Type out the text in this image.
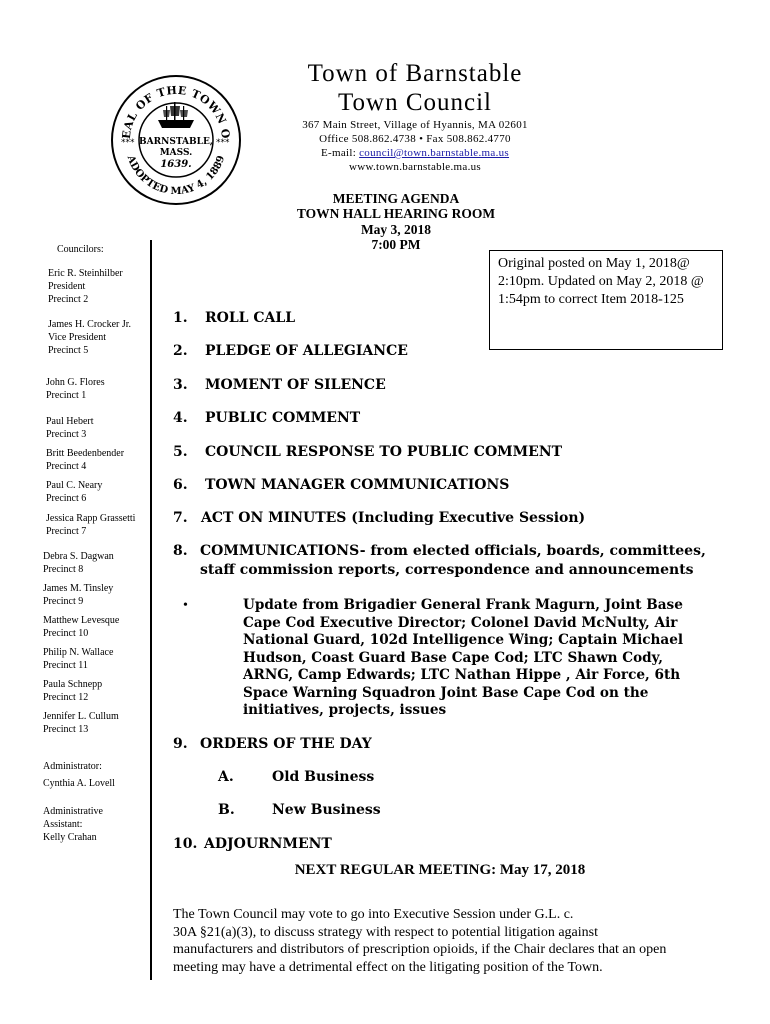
EAL OF THE TOWN O
ADOPTED MAY 4, 1889
***	***
BARNSTABLE,
MASS.
1639.
Town of Barnstable
Town Council
367 Main Street, Village of Hyannis, MA 02601
Office 508.862.4738 • Fax 508.862.4770
E-mail: council@town.barnstable.ma.us
www.town.barnstable.ma.us
MEETING AGENDA
TOWN HALL HEARING ROOM
May 3, 2018
7:00 PM
Original posted on May 1, 2018@ 2:10pm. Updated on May 2, 2018 @ 1:54pm to correct Item 2018-125
Councilors:
Eric R. Steinhilber
President
Precinct 2
James H. Crocker Jr.
Vice President
Precinct 5
John G. Flores
Precinct 1
Paul Hebert
Precinct 3
Britt Beedenbender
Precinct 4
Paul C. Neary
Precinct 6
Jessica Rapp Grassetti
Precinct 7
Debra S. Dagwan
Precinct 8
James M. Tinsley
Precinct 9
Matthew Levesque
Precinct 10
Philip N. Wallace
Precinct 11
Paula Schnepp
Precinct 12
Jennifer L. Cullum
Precinct 13
Administrator:
Cynthia A. Lovell
Administrative
Assistant:
Kelly Crahan
1. ROLL CALL
2. PLEDGE OF ALLEGIANCE
3. MOMENT OF SILENCE
4. PUBLIC COMMENT
5. COUNCIL RESPONSE TO PUBLIC COMMENT
6. TOWN MANAGER COMMUNICATIONS
7. ACT ON MINUTES (Including Executive Session)
8. COMMUNICATIONS- from elected officials, boards, committees,
staff commission reports, correspondence and announcements
•	Update from Brigadier General Frank Magurn, Joint Base
Cape Cod Executive Director; Colonel David McNulty, Air
National Guard, 102d Intelligence Wing; Captain Michael
Hudson, Coast Guard Base Cape Cod; LTC Shawn Cody,
ARNG, Camp Edwards; LTC Nathan Hippe , Air Force, 6th
Space Warning Squadron Joint Base Cape Cod on the
initiatives, projects, issues
9. ORDERS OF THE DAY
A.	Old Business
B.	New Business
10. ADJOURNMENT
NEXT REGULAR MEETING: May 17, 2018
The Town Council may vote to go into Executive Session under G.L. c.
30A §21(a)(3), to discuss strategy with respect to potential litigation against
manufacturers and distributors of prescription opioids, if the Chair declares that an open
meeting may have a detrimental effect on the litigating position of the Town.
